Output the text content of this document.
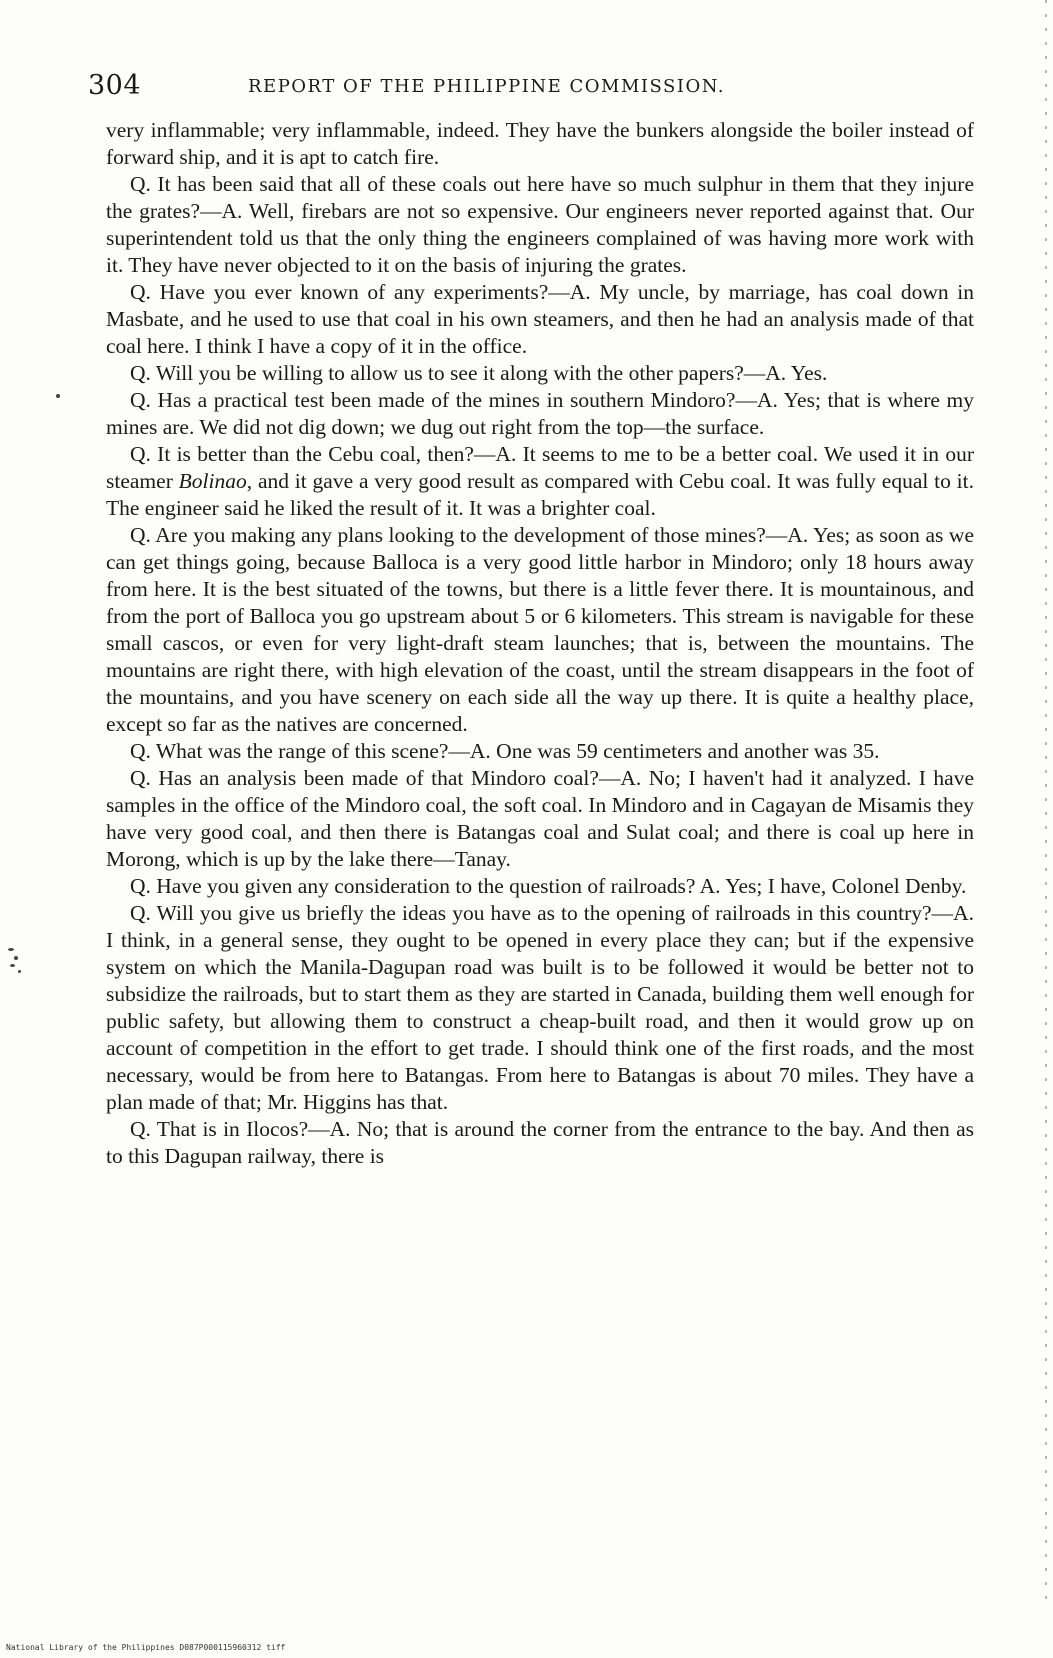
304	REPORT OF THE PHILIPPINE COMMISSION.

very inflammable; very inflammable, indeed. They have the bunkers alongside the boiler instead of forward ship, and it is apt to catch fire.

Q. It has been said that all of these coals out here have so much sulphur in them that they injure the grates?—A. Well, firebars are not so expensive. Our engineers never reported against that. Our superintendent told us that the only thing the engineers complained of was having more work with it. They have never objected to it on the basis of injuring the grates.

Q. Have you ever known of any experiments?—A. My uncle, by marriage, has coal down in Masbate, and he used to use that coal in his own steamers, and then he had an analysis made of that coal here. I think I have a copy of it in the office.

Q. Will you be willing to allow us to see it along with the other papers?—A. Yes.

Q. Has a practical test been made of the mines in southern Mindoro?—A. Yes; that is where my mines are. We did not dig down; we dug out right from the top—the surface.

Q. It is better than the Cebu coal, then?—A. It seems to me to be a better coal. We used it in our steamer Bolinao, and it gave a very good result as compared with Cebu coal. It was fully equal to it. The engineer said he liked the result of it. It was a brighter coal.

Q. Are you making any plans looking to the development of those mines?—A. Yes; as soon as we can get things going, because Balloca is a very good little harbor in Mindoro; only 18 hours away from here. It is the best situated of the towns, but there is a little fever there. It is mountainous, and from the port of Balloca you go upstream about 5 or 6 kilometers. This stream is navigable for these small cascos, or even for very light-draft steam launches; that is, between the mountains. The mountains are right there, with high elevation of the coast, until the stream disappears in the foot of the mountains, and you have scenery on each side all the way up there. It is quite a healthy place, except so far as the natives are concerned.

Q. What was the range of this scene?—A. One was 59 centimeters and another was 35.

Q. Has an analysis been made of that Mindoro coal?—A. No; I haven't had it analyzed. I have samples in the office of the Mindoro coal, the soft coal. In Mindoro and in Cagayan de Misamis they have very good coal, and then there is Batangas coal and Sulat coal; and there is coal up here in Morong, which is up by the lake there—Tanay.

Q. Have you given any consideration to the question of railroads? A. Yes; I have, Colonel Denby.

Q. Will you give us briefly the ideas you have as to the opening of railroads in this country?—A. I think, in a general sense, they ought to be opened in every place they can; but if the expensive system on which the Manila-Dagupan road was built is to be followed it would be better not to subsidize the railroads, but to start them as they are started in Canada, building them well enough for public safety, but allowing them to construct a cheap-built road, and then it would grow up on account of competition in the effort to get trade. I should think one of the first roads, and the most necessary, would be from here to Batangas. From here to Batangas is about 70 miles. They have a plan made of that; Mr. Higgins has that.

Q. That is in Ilocos?—A. No; that is around the corner from the entrance to the bay. And then as to this Dagupan railway, there is

National Library of the Philippines D087P000115960312 tiff
